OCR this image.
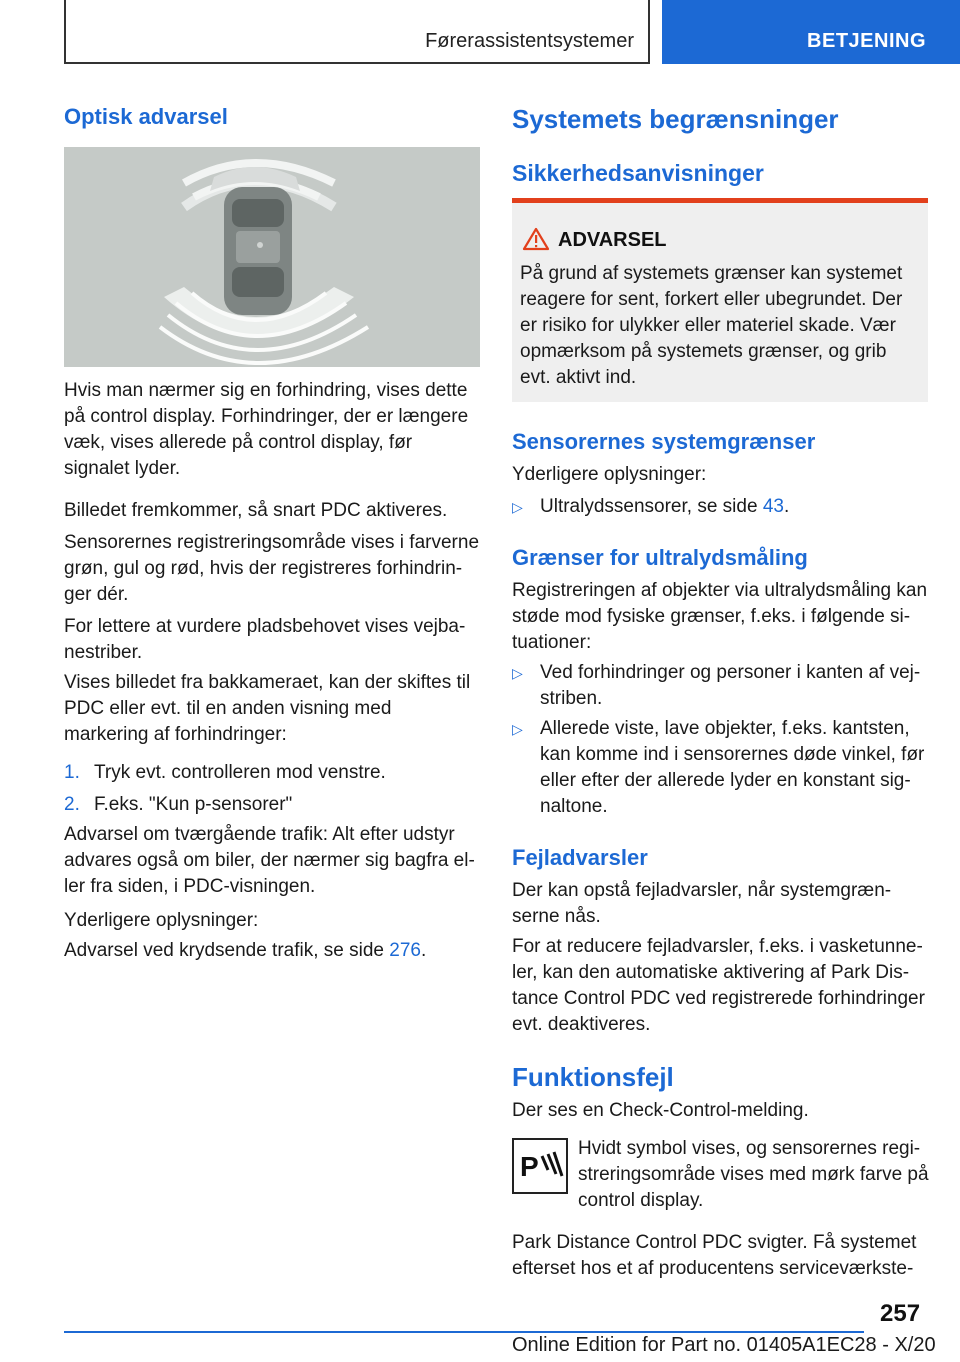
Førerassistentsystemer	BETJENING
Optisk advarsel

Hvis man nærmer sig en forhindring, vises dette på control display. Forhindringer, der er længere væk, vises allerede på control display, før signalet lyder.

Billedet fremkommer, så snart PDC aktiveres.

Sensorernes registreringsområde vises i farverne grøn, gul og rød, hvis der registreres forhindrin-ger dér.

For lettere at vurdere pladsbehovet vises vejba-nestriber.

Vises billedet fra bakkameraet, kan der skiftes til PDC eller evt. til en anden visning med markering af forhindringer:

1. Tryk evt. controlleren mod venstre.
2. F.eks. "Kun p-sensorer"

Advarsel om tværgående trafik: Alt efter udstyr advares også om biler, der nærmer sig bagfra el-ler fra siden, i PDC-visningen.

Yderligere oplysninger:

Advarsel ved krydsende trafik, se side 276.

Systemets begrænsninger
Sikkerhedsanvisninger
ADVARSEL
På grund af systemets grænser kan systemet reagere for sent, forkert eller ubegrundet. Der er risiko for ulykker eller materiel skade. Vær opmærksom på systemets grænser, og grib evt. aktivt ind.
Sensorernes systemgrænser

Yderligere oplysninger:

▷ Ultralydssensorer, se side 43.
Grænser for ultralydsmåling

Registreringen af objekter via ultralydsmåling kan støde mod fysiske grænser, f.eks. i følgende si-tuationer:

▷ Ved forhindringer og personer i kanten af vej-striben.
▷ Allerede viste, lave objekter, f.eks. kantsten, kan komme ind i sensorernes døde vinkel, før eller efter der allerede lyder en konstant sig-naltone.
Fejladvarsler

Der kan opstå fejladvarsler, når systemgræn-serne nås.

For at reducere fejladvarsler, f.eks. i vasketunne-ler, kan den automatiske aktivering af Park Dis-tance Control PDC ved registrerede forhindringer evt. deaktiveres.

Funktionsfejl

Der ses en Check-Control-melding.

P

Hvidt symbol vises, og sensorernes regi-streringsområde vises med mørk farve på control display.

Park Distance Control PDC svigter. Få systemet efterset hos et af producentens serviceværkste-

257
Online Edition for Part no. 01405A1EC28 - X/20
